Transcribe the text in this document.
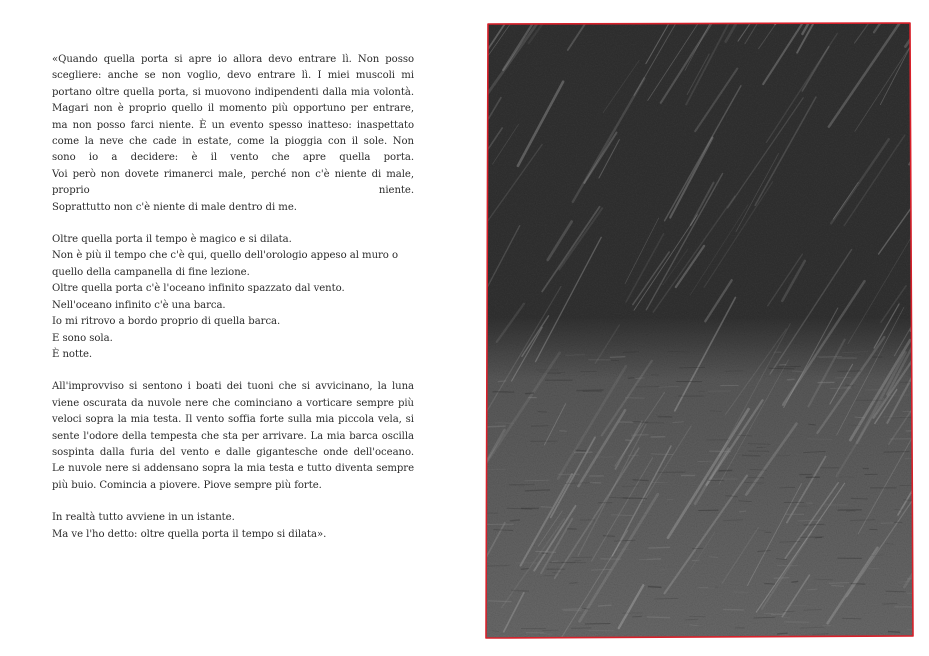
«Quando quella porta si apre io allora devo entrare lì. Non posso
scegliere: anche se non voglio, devo entrare lì. I miei muscoli mi
portano oltre quella porta, si muovono indipendenti dalla mia volontà.
Magari non è proprio quello il momento più opportuno per entrare,
ma non posso farci niente. È un evento spesso inatteso: inaspettato
come la neve che cade in estate, come la pioggia con il sole. Non
sono io a decidere: è il vento che apre quella porta.
Voi però non dovete rimanerci male, perché non c'è niente di male,
proprio niente.
Soprattutto non c'è niente di male dentro di me.

Oltre quella porta il tempo è magico e si dilata.
Non è più il tempo che c'è qui, quello dell'orologio appeso al muro o
quello della campanella di fine lezione.
Oltre quella porta c'è l'oceano infinito spazzato dal vento.
Nell'oceano infinito c'è una barca.
Io mi ritrovo a bordo proprio di quella barca.
E sono sola.
È notte.

All'improvviso si sentono i boati dei tuoni che si avvicinano, la luna
viene oscurata da nuvole nere che cominciano a vorticare sempre più
veloci sopra la mia testa. Il vento soffia forte sulla mia piccola vela, si
sente l'odore della tempesta che sta per arrivare. La mia barca oscilla
sospinta dalla furia del vento e dalle gigantesche onde dell'oceano.
Le nuvole nere si addensano sopra la mia testa e tutto diventa sempre
più buio. Comincia a piovere. Piove sempre più forte.

In realtà tutto avviene in un istante.
Ma ve l'ho detto: oltre quella porta il tempo si dilata».
